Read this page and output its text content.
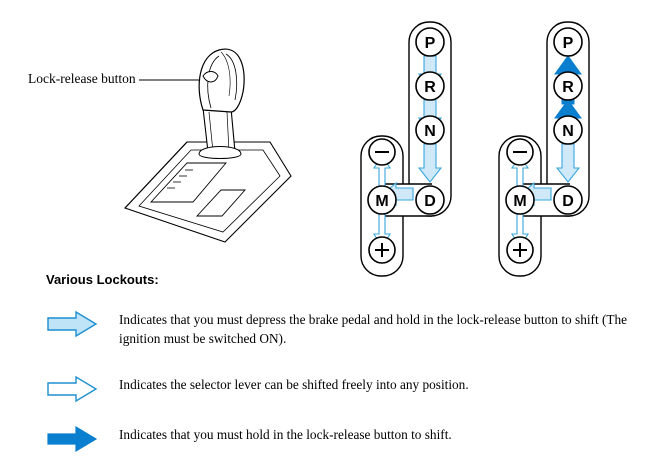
Lock-release button
P
R
N
D
M
P
R
N
D
M
Various Lockouts:
Indicates that you must depress the brake pedal and hold in the lock-release button to shift (The ignition must be switched ON).
Indicates the selector lever can be shifted freely into any position.
Indicates that you must hold in the lock-release button to shift.
